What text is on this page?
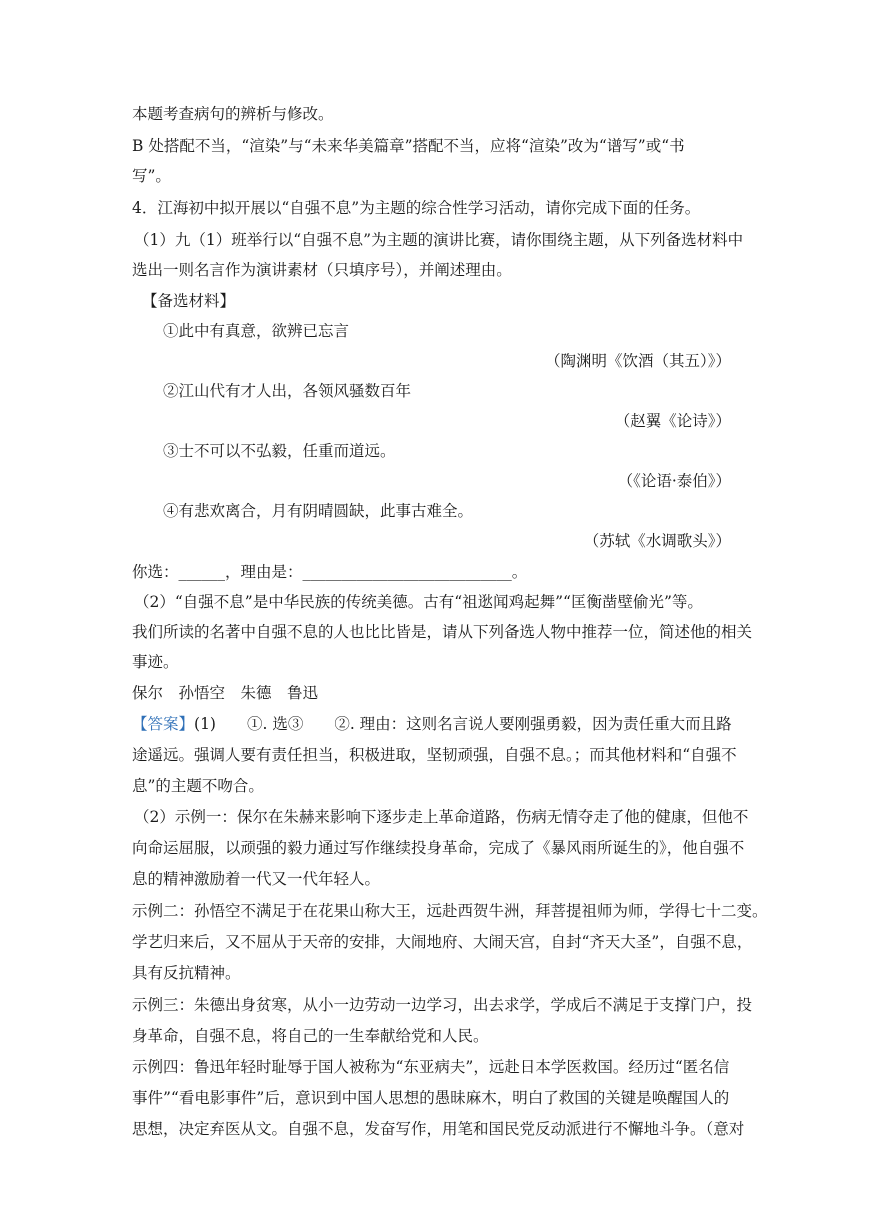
本题考查病句的辨析与修改。
B 处搭配不当，“渲染”与“未来华美篇章”搭配不当，应将“渲染”改为“谱写”或“书
写”。
4．江海初中拟开展以“自强不息”为主题的综合性学习活动，请你完成下面的任务。
（1）九（1）班举行以“自强不息”为主题的演讲比赛，请你围绕主题，从下列备选材料中
选出一则名言作为演讲素材（只填序号），并阐述理由。
【备选材料】
①此中有真意，欲辨已忘言
（陶渊明《饮酒（其五）》）
②江山代有才人出，各领风骚数百年
（赵翼《论诗》）
③士不可以不弘毅，任重而道远。
（《论语·泰伯》）
④有悲欢离合，月有阴晴圆缺，此事古难全。
（苏轼《水调歌头》）
你选：______，理由是：___________________________。
（2）“自强不息”是中华民族的传统美德。古有“祖逖闻鸡起舞”“匡衡凿壁偷光”等。
我们所读的名著中自强不息的人也比比皆是，请从下列备选人物中推荐一位，简述他的相关
事迹。
保尔　孙悟空　朱德　鲁迅
【答案】(1)　　①. 选③　　②. 理由：这则名言说人要刚强勇毅，因为责任重大而且路
途遥远。强调人要有责任担当，积极进取，坚韧顽强，自强不息。；而其他材料和“自强不
息”的主题不吻合。
（2）示例一：保尔在朱赫来影响下逐步走上革命道路，伤病无情夺走了他的健康，但他不
向命运屈服，以顽强的毅力通过写作继续投身革命，完成了《暴风雨所诞生的》，他自强不
息的精神激励着一代又一代年轻人。
示例二：孙悟空不满足于在花果山称大王，远赴西贺牛洲，拜菩提祖师为师，学得七十二变。
学艺归来后，又不屈从于天帝的安排，大闹地府、大闹天宫，自封“齐天大圣”，自强不息，
具有反抗精神。
示例三：朱德出身贫寒，从小一边劳动一边学习，出去求学，学成后不满足于支撑门户，投
身革命，自强不息，将自己的一生奉献给党和人民。
示例四：鲁迅年轻时耻辱于国人被称为“东亚病夫”，远赴日本学医救国。经历过“匿名信
事件”“看电影事件”后，意识到中国人思想的愚昧麻木，明白了救国的关键是唤醒国人的
思想，决定弃医从文。自强不息，发奋写作，用笔和国民党反动派进行不懈地斗争。（意对
